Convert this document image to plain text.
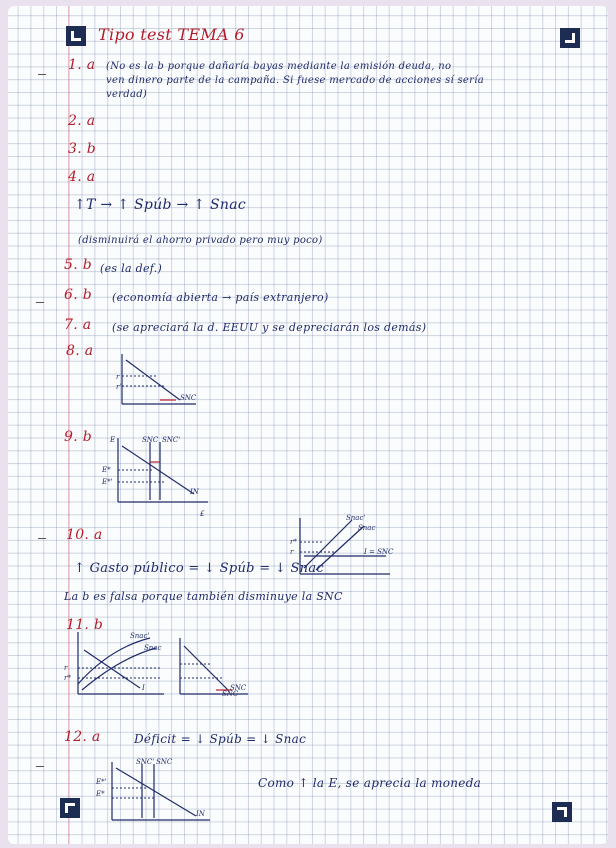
Tipo test TEMA 6
1. a (No es la b porque dañaría bayas mediante la emisión deuda, no
ven dinero parte de la campaña. Si fuese mercado de acciones sí sería
verdad)
2. a
3. b
4. a
↑T → ↑ Spúb → ↑ Snac
(disminuirá el ahorro privado pero muy poco)
5. b (es la def.)
6. b (economía abierta → país extranjero)
7. a (se apreciará la d. EEUU y se depreciarán los demás)
8. a
r
r'
SNC
9. b	E
£
E*
E*'
SNC SNC'
IN
10. a
↑ Gasto público = ↓ Spúb = ↓ Snac
La b es falsa porque también disminuye la SNC
r*
r
Snac'
Snac
I = SNC
11. b
r
r*
Snac'
Snac
I	SNC
SNC
12. a	Déficit = ↓ Spúb = ↓ Snac
E*'
E*
SNC' SNC
IN
Como ↑ la E, se aprecia la moneda
